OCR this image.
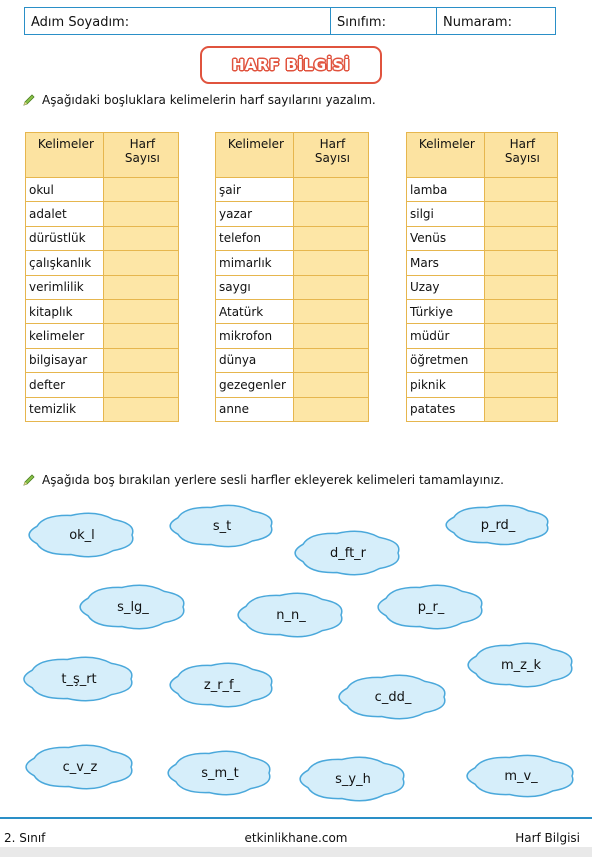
Adım Soyadım:	Sınıfım:	Numaram:
HARF BİLGİSİ
Aşağıdaki boşluklara kelimelerin harf sayılarını yazalım.
Kelimeler	Harf
Sayısı

okul	
adalet	
dürüstlük	
çalışkanlık	
verimlilik	
kitaplık	
kelimeler	
bilgisayar	
defter	
temizlik	
Kelimeler	Harf
Sayısı

şair	
yazar	
telefon	
mimarlık	
saygı	
Atatürk	
mikrofon	
dünya	
gezegenler	
anne	
Kelimeler	Harf
Sayısı

lamba	
silgi	
Venüs	
Mars	
Uzay	
Türkiye	
müdür	
öğretmen	
piknik	
patates	
Aşağıda boş bırakılan yerlere sesli harfler ekleyerek kelimeleri tamamlayınız.
ok_l
s_t
d_ft_r
p_rd_
s_lg_
n_n_
p_r_
m_z_k
t_ş_rt	z_r_f_
c_dd_
c_v_z	s_m_t	s_y_h	m_v_
2. Sınıf	etkinlikhane.com	Harf Bilgisi
